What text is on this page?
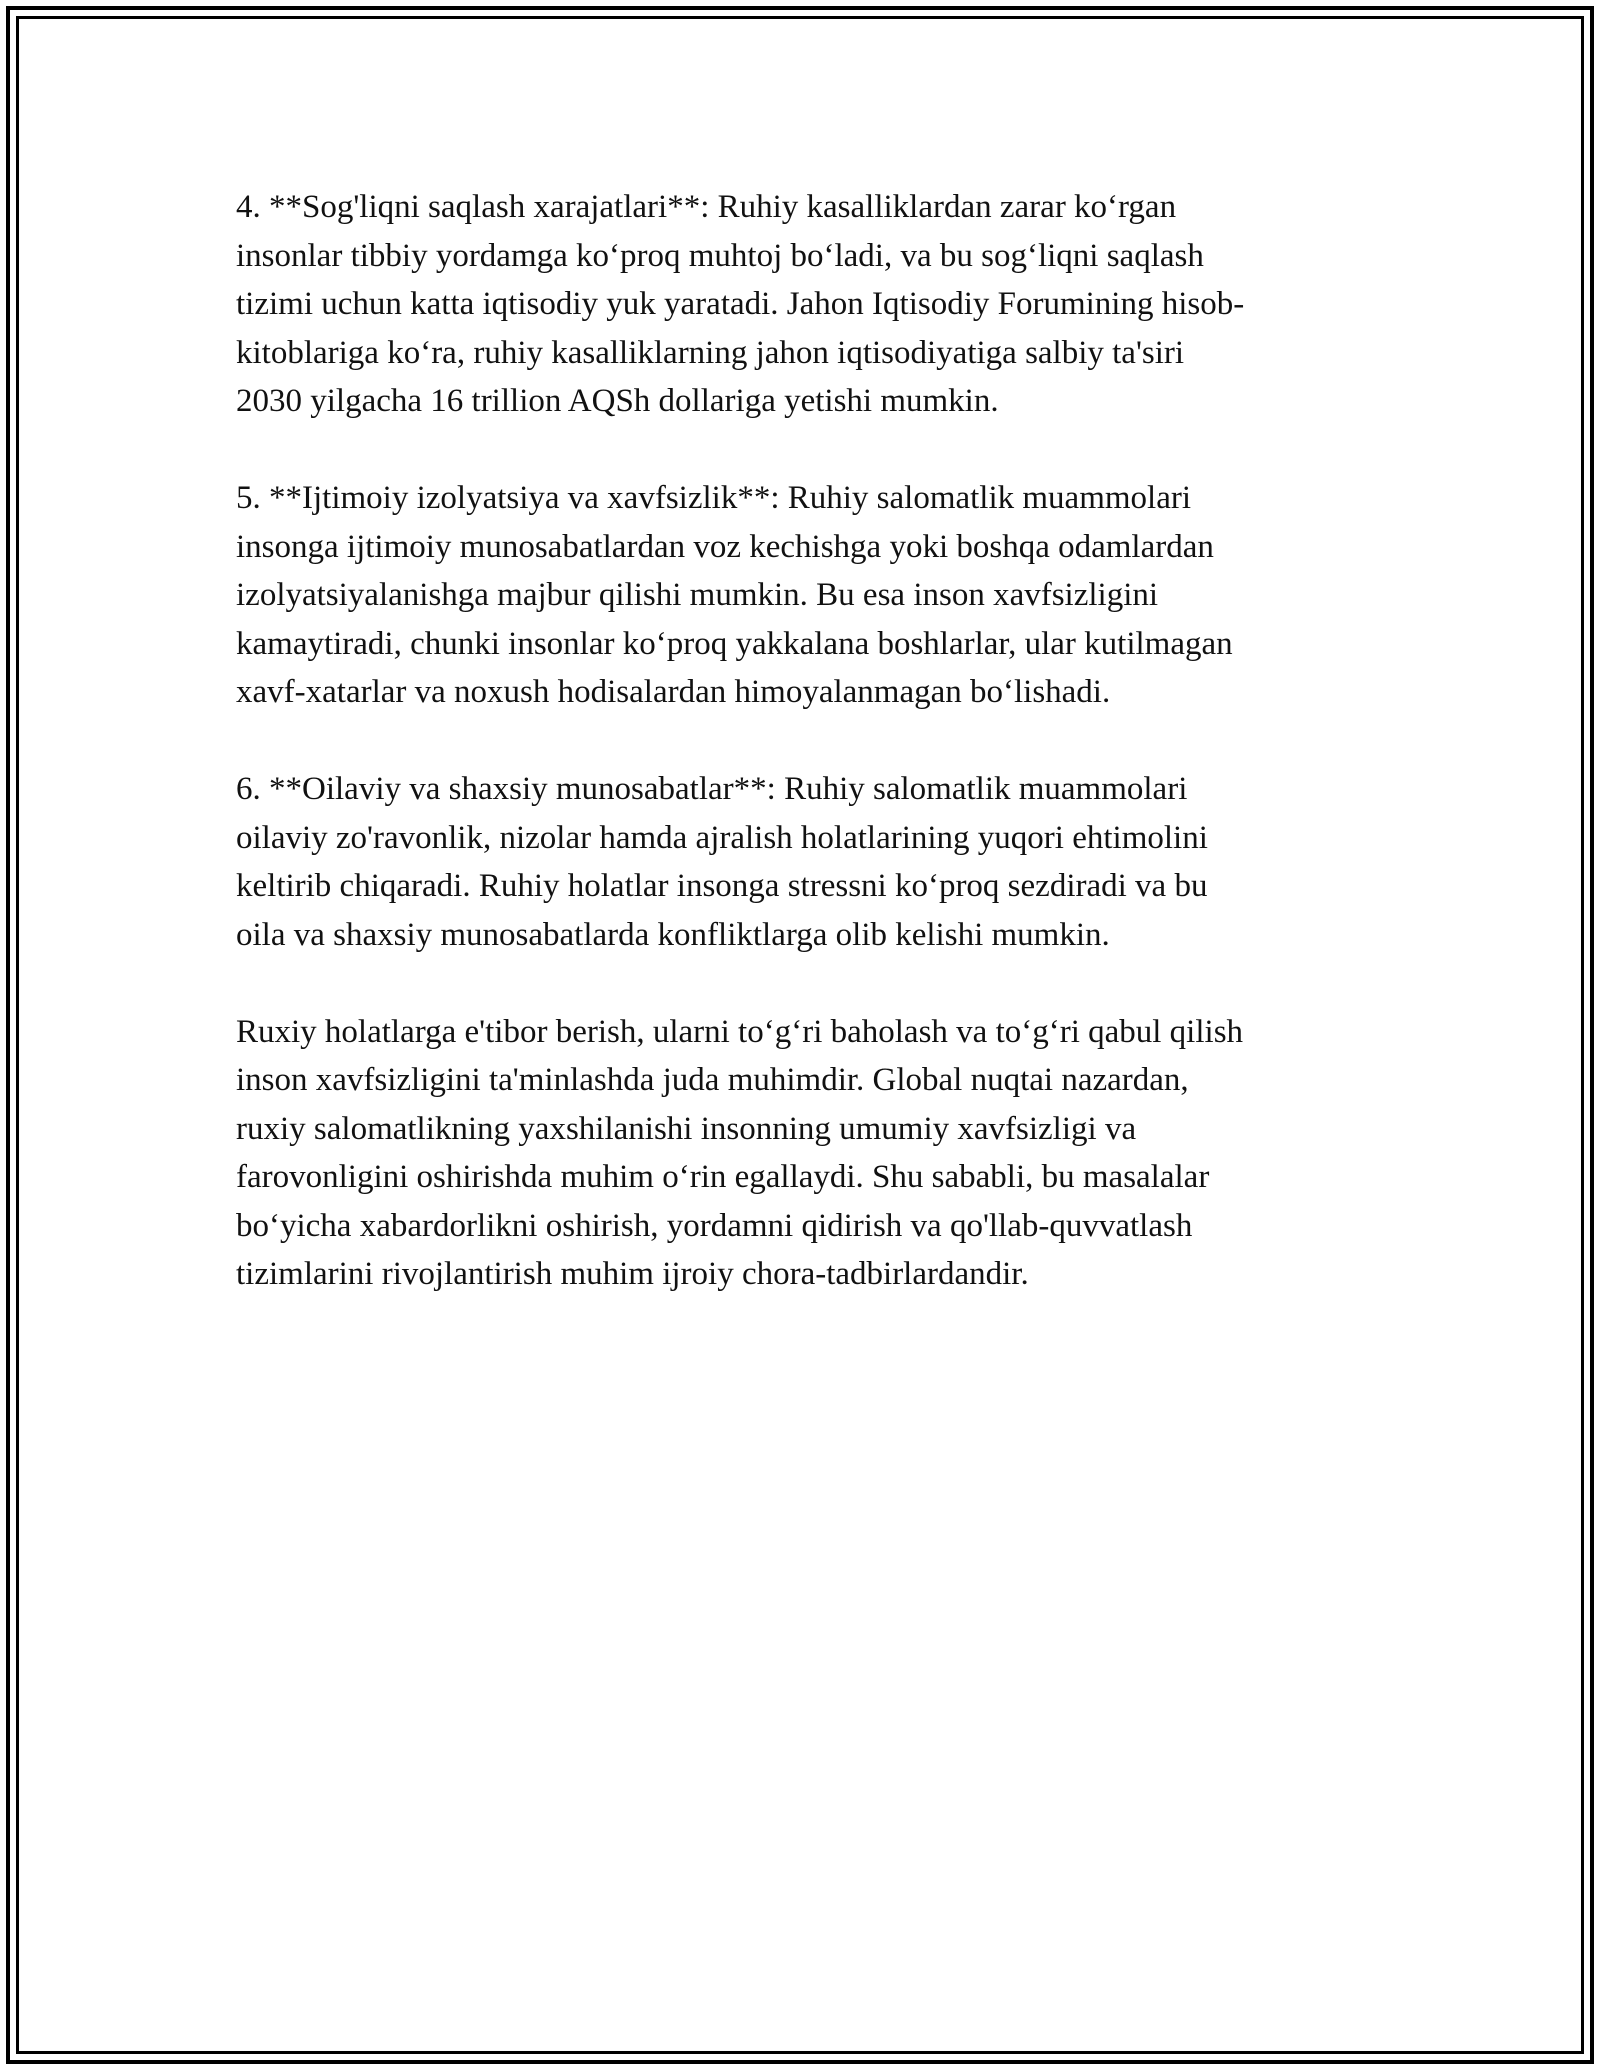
4. **Sog'liqni saqlash xarajatlari**: Ruhiy kasalliklardan zarar ko‘rgan
insonlar tibbiy yordamga ko‘proq muhtoj bo‘ladi, va bu sog‘liqni saqlash
tizimi uchun katta iqtisodiy yuk yaratadi. Jahon Iqtisodiy Forumining hisob-
kitoblariga ko‘ra, ruhiy kasalliklarning jahon iqtisodiyatiga salbiy ta'siri
2030 yilgacha 16 trillion AQSh dollariga yetishi mumkin.

5. **Ijtimoiy izolyatsiya va xavfsizlik**: Ruhiy salomatlik muammolari
insonga ijtimoiy munosabatlardan voz kechishga yoki boshqa odamlardan
izolyatsiyalanishga majbur qilishi mumkin. Bu esa inson xavfsizligini
kamaytiradi, chunki insonlar ko‘proq yakkalana boshlarlar, ular kutilmagan
xavf-xatarlar va noxush hodisalardan himoyalanmagan bo‘lishadi.

6. **Oilaviy va shaxsiy munosabatlar**: Ruhiy salomatlik muammolari
oilaviy zo'ravonlik, nizolar hamda ajralish holatlarining yuqori ehtimolini
keltirib chiqaradi. Ruhiy holatlar insonga stressni ko‘proq sezdiradi va bu
oila va shaxsiy munosabatlarda konfliktlarga olib kelishi mumkin.

Ruxiy holatlarga e'tibor berish, ularni to‘g‘ri baholash va to‘g‘ri qabul qilish
inson xavfsizligini ta'minlashda juda muhimdir. Global nuqtai nazardan,
ruxiy salomatlikning yaxshilanishi insonning umumiy xavfsizligi va
farovonligini oshirishda muhim o‘rin egallaydi. Shu sababli, bu masalalar
bo‘yicha xabardorlikni oshirish, yordamni qidirish va qo'llab-quvvatlash
tizimlarini rivojlantirish muhim ijroiy chora-tadbirlardandir.
